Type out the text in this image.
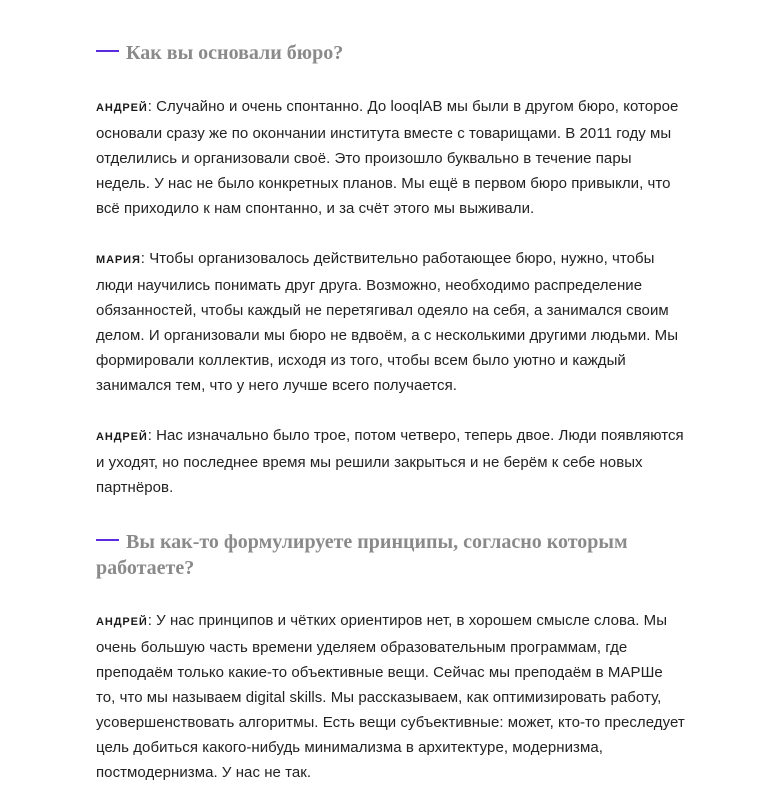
Как вы основали бюро?

АНДРЕЙ: Случайно и очень спонтанно. До looqlAB мы были в другом бюро, которое
основали сразу же по окончании института вместе с товарищами. В 2011 году мы
отделились и организовали своё. Это произошло буквально в течение пары
недель. У нас не было конкретных планов. Мы ещё в первом бюро привыкли, что
всё приходило к нам спонтанно, и за счёт этого мы выживали.

МАРИЯ: Чтобы организовалось действительно работающее бюро, нужно, чтобы
люди научились понимать друг друга. Возможно, необходимо распределение
обязанностей, чтобы каждый не перетягивал одеяло на себя, а занимался своим
делом. И организовали мы бюро не вдвоём, а с несколькими другими людьми. Мы
формировали коллектив, исходя из того, чтобы всем было уютно и каждый
занимался тем, что у него лучше всего получается.

АНДРЕЙ: Нас изначально было трое, потом четверо, теперь двое. Люди появляются
и уходят, но последнее время мы решили закрыться и не берём к себе новых
партнёров.

Вы как-то формулируете принципы, согласно которым
работаете?

АНДРЕЙ: У нас принципов и чётких ориентиров нет, в хорошем смысле слова. Мы
очень большую часть времени уделяем образовательным программам, где
преподаём только какие-то объективные вещи. Сейчас мы преподаём в МАРШе
то, что мы называем digital skills. Мы рассказываем, как оптимизировать работу,
усовершенствовать алгоритмы. Есть вещи субъективные: может, кто-то преследует
цель добиться какого-нибудь минимализма в архитектуре, модернизма,
постмодернизма. У нас не так.
